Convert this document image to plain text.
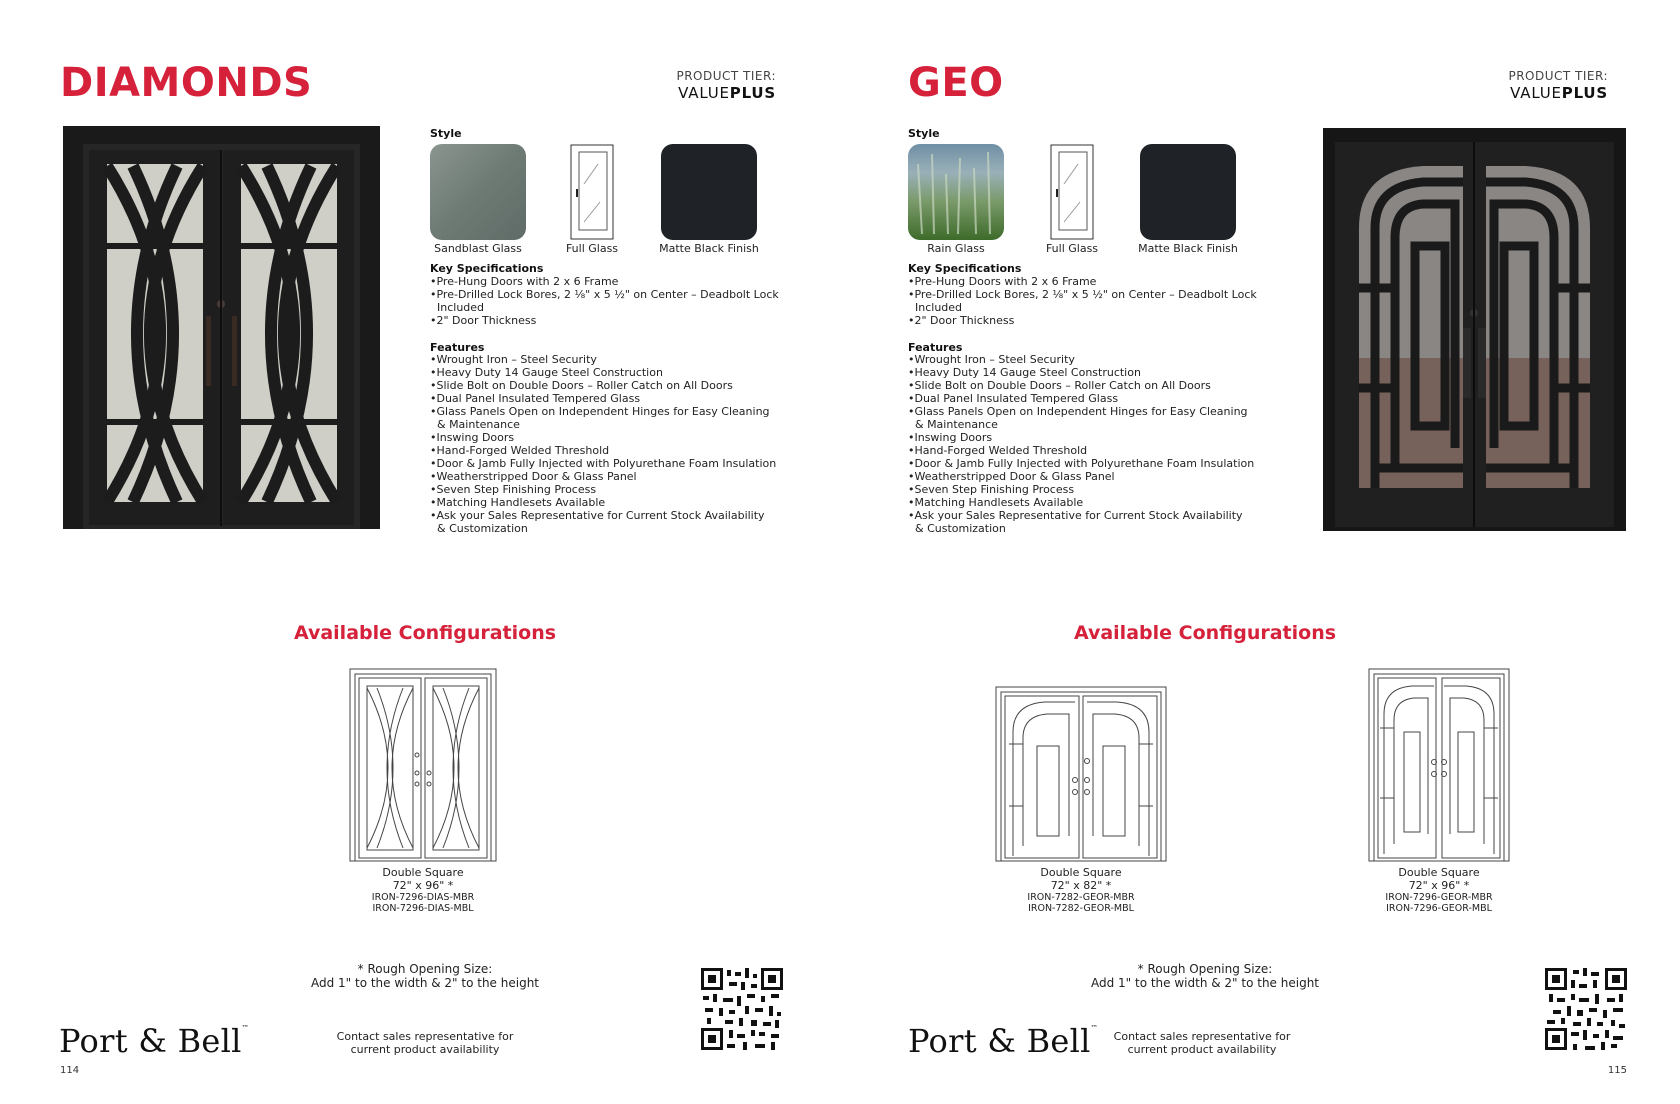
DIAMONDS	PRODUCT TIER:
VALUEPLUS
Style
Sandblast Glass	Full Glass	Matte Black Finish
Key Specifications
•Pre-Hung Doors with 2 x 6 Frame
•Pre-Drilled Lock Bores, 2 ⅛" x 5 ½" on Center – Deadbolt Lock
Included
•2" Door Thickness
Features
•Wrought Iron – Steel Security
•Heavy Duty 14 Gauge Steel Construction
•Slide Bolt on Double Doors – Roller Catch on All Doors
•Dual Panel Insulated Tempered Glass
•Glass Panels Open on Independent Hinges for Easy Cleaning
& Maintenance
•Inswing Doors
•Hand-Forged Welded Threshold
•Door & Jamb Fully Injected with Polyurethane Foam Insulation
•Weatherstripped Door & Glass Panel
•Seven Step Finishing Process
•Matching Handlesets Available
•Ask your Sales Representative for Current Stock Availability
& Customization
Available Configurations
Double Square
72" x 96" *
IRON-7296-DIAS-MBR
IRON-7296-DIAS-MBL
* Rough Opening Size:
Add 1" to the width & 2" to the height
Port & Bell™
Contact sales representative for
current product availability
114
GEO	PRODUCT TIER:
VALUEPLUS
Style
Rain Glass	Full Glass	Matte Black Finish
Key Specifications
•Pre-Hung Doors with 2 x 6 Frame
•Pre-Drilled Lock Bores, 2 ⅛" x 5 ½" on Center – Deadbolt Lock
Included
•2" Door Thickness
Features
•Wrought Iron – Steel Security
•Heavy Duty 14 Gauge Steel Construction
•Slide Bolt on Double Doors – Roller Catch on All Doors
•Dual Panel Insulated Tempered Glass
•Glass Panels Open on Independent Hinges for Easy Cleaning
& Maintenance
•Inswing Doors
•Hand-Forged Welded Threshold
•Door & Jamb Fully Injected with Polyurethane Foam Insulation
•Weatherstripped Door & Glass Panel
•Seven Step Finishing Process
•Matching Handlesets Available
•Ask your Sales Representative for Current Stock Availability
& Customization
Available Configurations
Double Square
72" x 82" *
IRON-7282-GEOR-MBR
IRON-7282-GEOR-MBL
Double Square
72" x 96" *
IRON-7296-GEOR-MBR
IRON-7296-GEOR-MBL
* Rough Opening Size:
Add 1" to the width & 2" to the height
Port & Bell™
Contact sales representative for
current product availability
115
